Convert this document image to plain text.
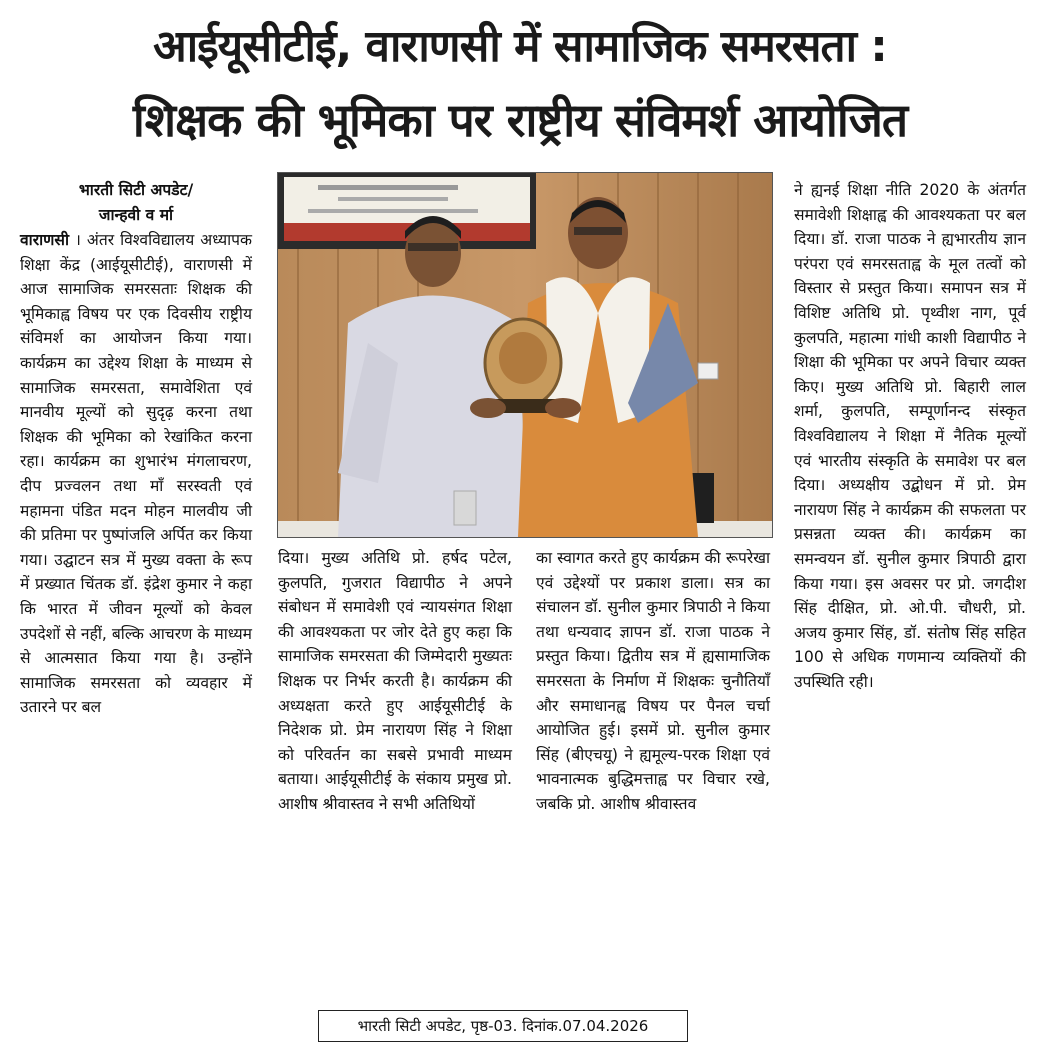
आईयूसीटीई, वाराणसी में सामाजिक समरसता :
शिक्षक की भूमिका पर राष्ट्रीय संविमर्श आयोजित
भारती सिटी अपडेट/
जान्हवी व र्मा

वाराणसी । अंतर विश्वविद्यालय अध्यापक शिक्षा केंद्र (आईयूसीटीई), वाराणसी में आज सामाजिक समरसताः शिक्षक की भूमिकाह्व विषय पर एक दिवसीय राष्ट्रीय संविमर्श का आयोजन किया गया। कार्यक्रम का उद्देश्य शिक्षा के माध्यम से सामाजिक समरसता, समावेशिता एवं मानवीय मूल्यों को सुदृढ़ करना तथा शिक्षक की भूमिका को रेखांकित करना रहा। कार्यक्रम का शुभारंभ मंगलाचरण, दीप प्रज्वलन तथा माँ सरस्वती एवं महामना पंडित मदन मोहन मालवीय जी की प्रतिमा पर पुष्पांजलि अर्पित कर किया गया। उद्घाटन सत्र में मुख्य वक्ता के रूप में प्रख्यात चिंतक डॉ. इंद्रेश कुमार ने कहा कि भारत में जीवन मूल्यों को केवल उपदेशों से नहीं, बल्कि आचरण के माध्यम से आत्मसात किया गया है। उन्होंने सामाजिक समरसता को व्यवहार में उतारने पर बल

दिया। मुख्य अतिथि प्रो. हर्षद पटेल, कुलपति, गुजरात विद्यापीठ ने अपने संबोधन में समावेशी एवं न्यायसंगत शिक्षा की आवश्यकता पर जोर देते हुए कहा कि सामाजिक समरसता की जिम्मेदारी मुख्यतः शिक्षक पर निर्भर करती है। कार्यक्रम की अध्यक्षता करते हुए आईयूसीटीई के निदेशक प्रो. प्रेम नारायण सिंह ने शिक्षा को परिवर्तन का सबसे प्रभावी माध्यम बताया। आईयूसीटीई के संकाय प्रमुख प्रो. आशीष श्रीवास्तव ने सभी अतिथियों

का स्वागत करते हुए कार्यक्रम की रूपरेखा एवं उद्देश्यों पर प्रकाश डाला। सत्र का संचालन डॉ. सुनील कुमार त्रिपाठी ने किया तथा धन्यवाद ज्ञापन डॉ. राजा पाठक ने प्रस्तुत किया। द्वितीय सत्र में ह्यसामाजिक समरसता के निर्माण में शिक्षकः चुनौतियाँ और समाधानह्व विषय पर पैनल चर्चा आयोजित हुई। इसमें प्रो. सुनील कुमार सिंह (बीएचयू) ने ह्यमूल्य-परक शिक्षा एवं भावनात्मक बुद्धिमत्ताह्व पर विचार रखे, जबकि प्रो. आशीष श्रीवास्तव

ने ह्यनई शिक्षा नीति 2020 के अंतर्गत समावेशी शिक्षाह्व की आवश्यकता पर बल दिया। डॉ. राजा पाठक ने ह्यभारतीय ज्ञान परंपरा एवं समरसताह्व के मूल तत्वों को विस्तार से प्रस्तुत किया। समापन सत्र में विशिष्ट अतिथि प्रो. पृथ्वीश नाग, पूर्व कुलपति, महात्मा गांधी काशी विद्यापीठ ने शिक्षा की भूमिका पर अपने विचार व्यक्त किए। मुख्य अतिथि प्रो. बिहारी लाल शर्मा, कुलपति, सम्पूर्णानन्द संस्कृत विश्वविद्यालय ने शिक्षा में नैतिक मूल्यों एवं भारतीय संस्कृति के समावेश पर बल दिया। अध्यक्षीय उद्बोधन में प्रो. प्रेम नारायण सिंह ने कार्यक्रम की सफलता पर प्रसन्नता व्यक्त की। कार्यक्रम का समन्वयन डॉ. सुनील कुमार त्रिपाठी द्वारा किया गया। इस अवसर पर प्रो. जगदीश सिंह दीक्षित, प्रो. ओ.पी. चौधरी, प्रो. अजय कुमार सिंह, डॉ. संतोष सिंह सहित 100 से अधिक गणमान्य व्यक्तियों की उपस्थिति रही।

भारती सिटी अपडेट, पृष्ठ-03. दिनांक.07.04.2026
